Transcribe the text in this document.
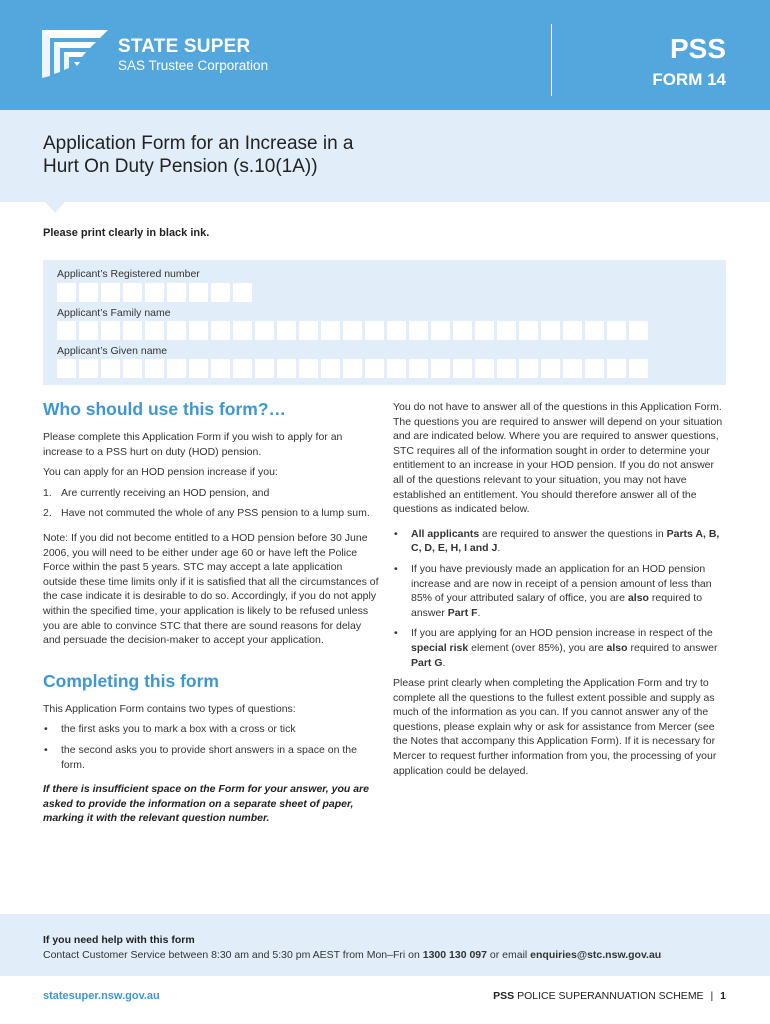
STATE SUPER
SAS Trustee Corporation
PSS
FORM 14
Application Form for an Increase in a
Hurt On Duty Pension (s.10(1A))
Please print clearly in black ink.
Applicant’s Registered number
Applicant’s Family name
Applicant’s Given name
Who should use this form?…

Please complete this Application Form if you wish to apply for an increase to a PSS hurt on duty (HOD) pension.

You can apply for an HOD pension increase if you:

1. Are currently receiving an HOD pension, and
2. Have not commuted the whole of any PSS pension to a lump sum.

Note: If you did not become entitled to a HOD pension before 30 June 2006, you will need to be either under age 60 or have left the Police Force within the past 5 years. STC may accept a late application outside these time limits only if it is satisfied that all the circumstances of the case indicate it is desirable to do so. Accordingly, if you do not apply within the specified time, your application is likely to be refused unless you are able to convince STC that there are sound reasons for delay and persuade the decision-maker to accept your application.

Completing this form

This Application Form contains two types of questions:

• the first asks you to mark a box with a cross or tick
• the second asks you to provide short answers in a space on the form.

If there is insufficient space on the Form for your answer, you are asked to provide the information on a separate sheet of paper, marking it with the relevant question number.

You do not have to answer all of the questions in this Application Form. The questions you are required to answer will depend on your situation and are indicated below. Where you are required to answer questions, STC requires all of the information sought in order to determine your entitlement to an increase in your HOD pension. If you do not answer all of the questions relevant to your situation, you may not have established an entitlement. You should therefore answer all of the questions as indicated below.

• All applicants are required to answer the questions in Parts A, B, C, D, E, H, I and J.
• If you have previously made an application for an HOD pension increase and are now in receipt of a pension amount of less than 85% of your attributed salary of office, you are also required to answer Part F.
• If you are applying for an HOD pension increase in respect of the special risk element (over 85%), you are also required to answer Part G.

Please print clearly when completing the Application Form and try to complete all the questions to the fullest extent possible and supply as much of the information as you can. If you cannot answer any of the questions, please explain why or ask for assistance from Mercer (see the Notes that accompany this Application Form). If it is necessary for Mercer to request further information from you, the processing of your application could be delayed.

If you need help with this form
Contact Customer Service between 8:30 am and 5:30 pm AEST from Mon–Fri on 1300 130 097 or email enquiries@stc.nsw.gov.au
statesuper.nsw.gov.au	PSS POLICE SUPERANNUATION SCHEME | 1
